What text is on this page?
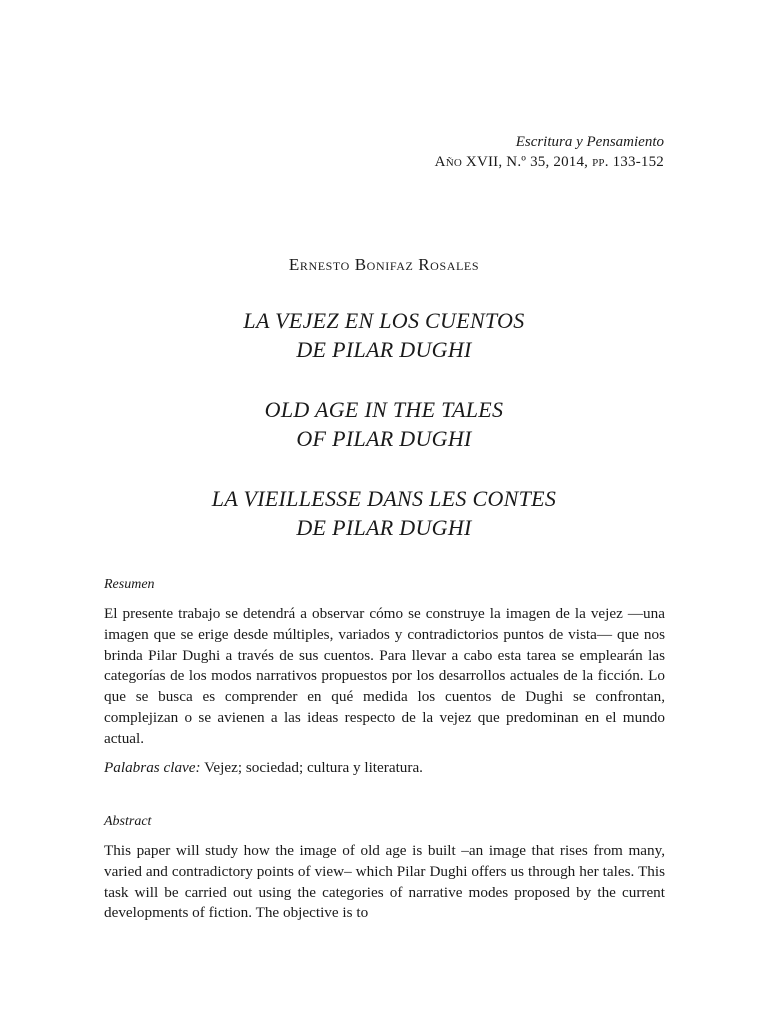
Escritura y Pensamiento
Año XVII, N.º 35, 2014, pp. 133-152
Ernesto Bonifaz Rosales
LA VEJEZ EN LOS CUENTOS
DE PILAR DUGHI
OLD AGE IN THE TALES
OF PILAR DUGHI
LA VIEILLESSE DANS LES CONTES
DE PILAR DUGHI

Resumen

El presente trabajo se detendrá a observar cómo se construye la imagen de la vejez —una imagen que se erige desde múltiples, variados y contradictorios puntos de vista— que nos brinda Pilar Dughi a través de sus cuentos. Para llevar a cabo esta tarea se emplearán las categorías de los modos narrativos propuestos por los desarrollos actuales de la ficción. Lo que se busca es comprender en qué medida los cuentos de Dughi se confrontan, complejizan o se avienen a las ideas respecto de la vejez que predominan en el mundo actual.

Palabras clave: Vejez; sociedad; cultura y literatura.

Abstract

This paper will study how the image of old age is built –an image that rises from many, varied and contradictory points of view– which Pilar Dughi offers us through her tales. This task will be carried out using the categories of narrative modes proposed by the current developments of fiction. The objective is to
